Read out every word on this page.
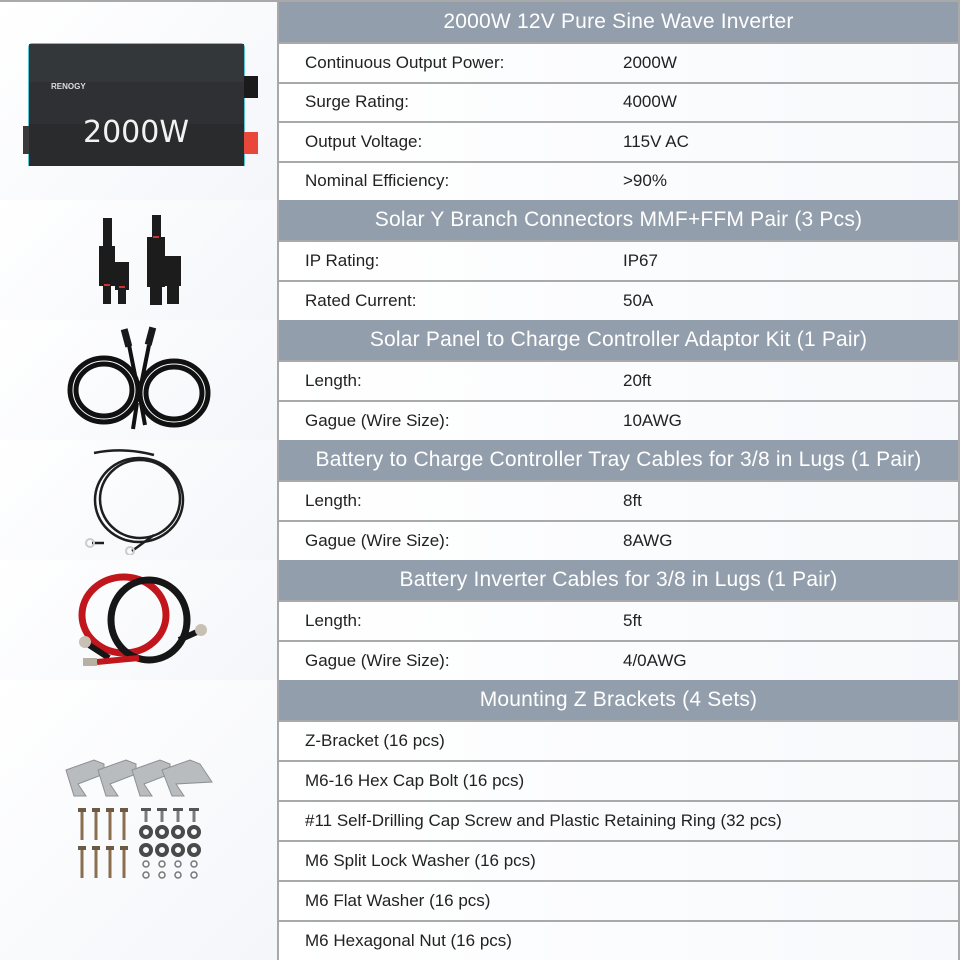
RENOGY
2000W
2000W 12V Pure Sine Wave Inverter
Continuous Output Power:	2000W
Surge Rating:	4000W
Output Voltage:	115V AC
Nominal Efficiency:	>90%
Solar Y Branch Connectors MMF+FFM Pair (3 Pcs)
IP Rating:	IP67
Rated Current:	50A
Solar Panel to Charge Controller Adaptor Kit (1 Pair)
Length:	20ft
Gague (Wire Size):	10AWG
Battery to Charge Controller Tray Cables for 3/8 in Lugs (1 Pair)
Length:	8ft
Gague (Wire Size):	8AWG
Battery Inverter Cables for 3/8 in Lugs (1 Pair)
Length:	5ft
Gague (Wire Size):	4/0AWG
Mounting Z Brackets (4 Sets)
Z-Bracket (16 pcs)
M6-16 Hex Cap Bolt (16 pcs)
#11 Self-Drilling Cap Screw and Plastic Retaining Ring (32 pcs)
M6 Split Lock Washer (16 pcs)
M6 Flat Washer (16 pcs)
M6 Hexagonal Nut (16 pcs)
